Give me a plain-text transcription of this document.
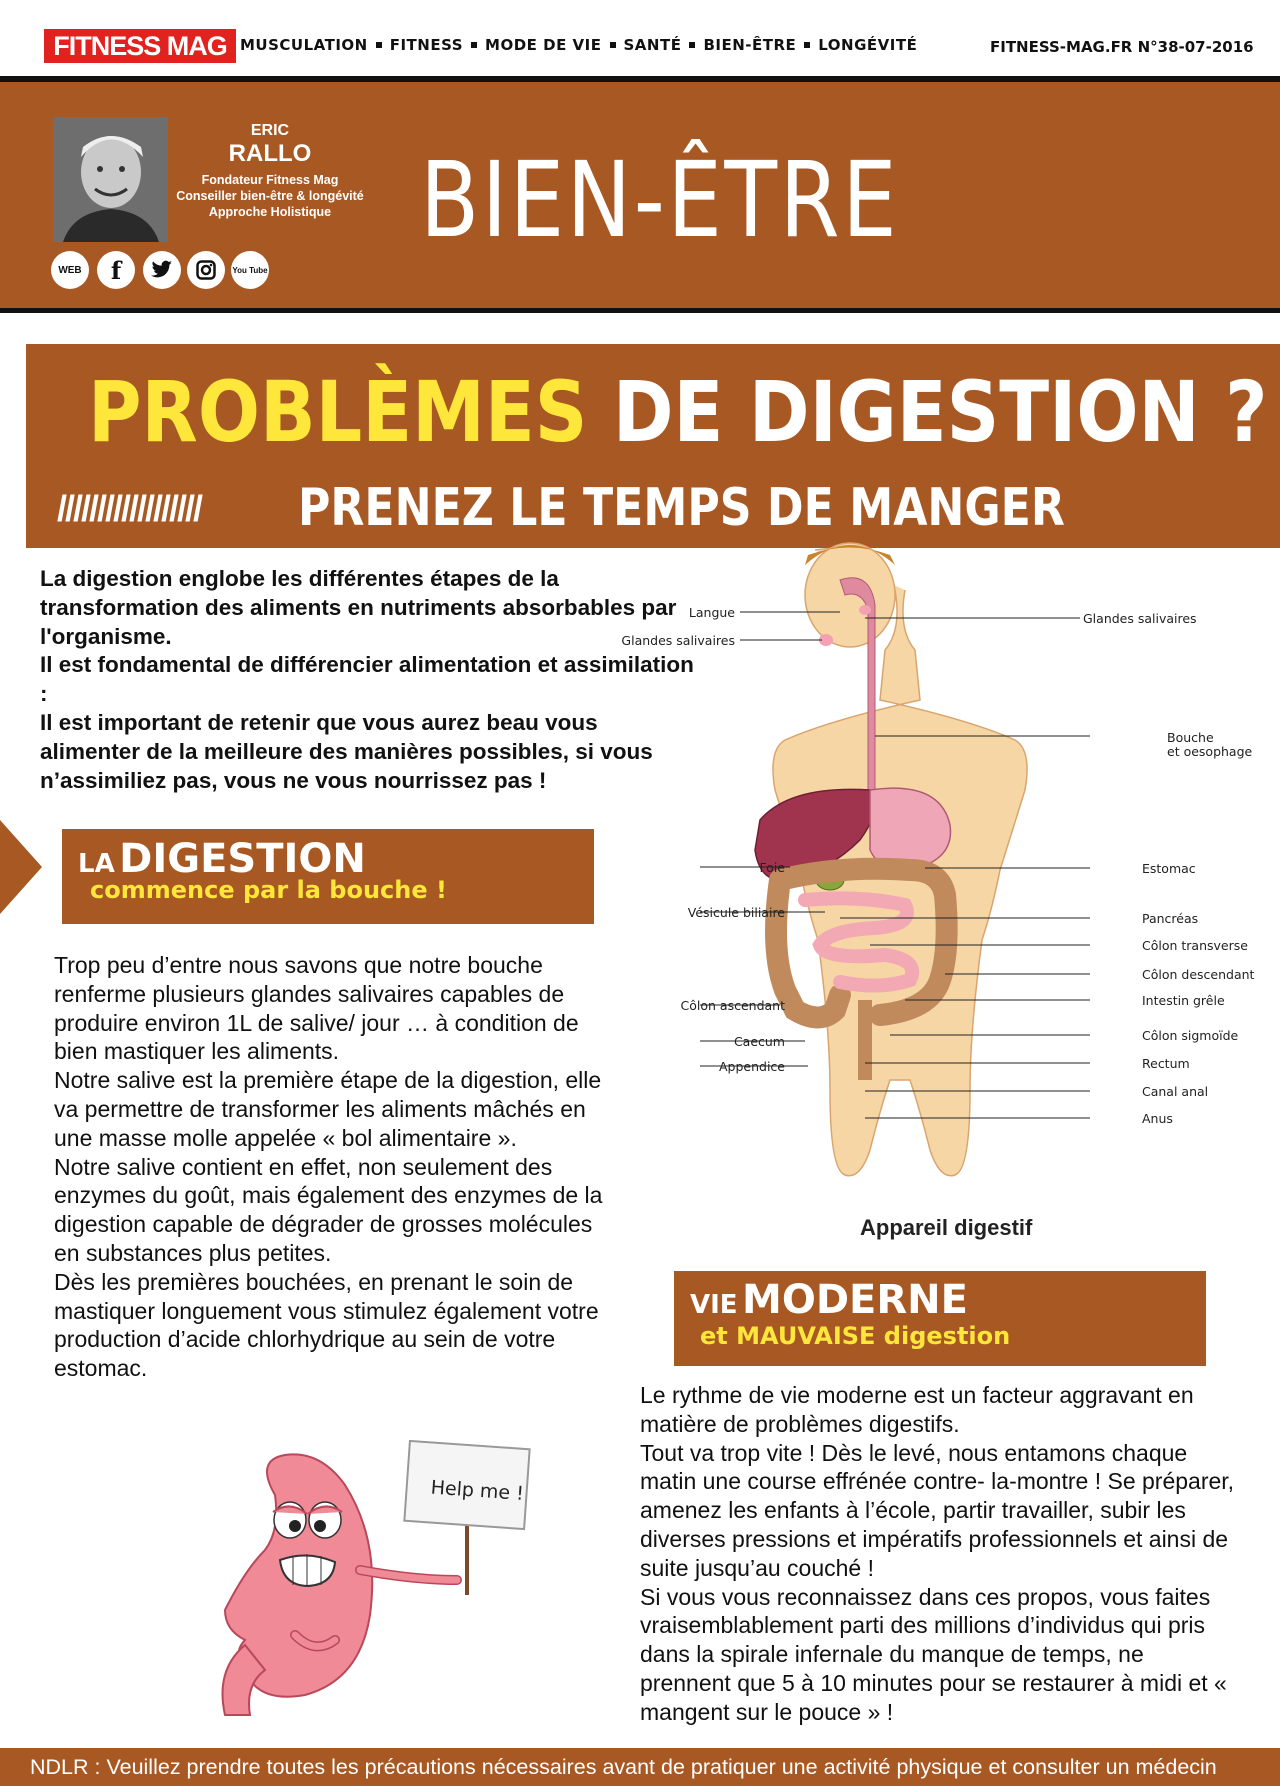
FITNESS MAG MUSCULATION FITNESS MODE DE VIE SANTÉ BIEN-ÊTRE LONGÉVITÉ	FITNESS-MAG.FR N°38-07-2016
ERIC
RALLO
Fondateur Fitness Mag
Conseiller bien-être & longévité
Approche Holistique
WEB	f	You Tube
BIEN-ÊTRE
PROBLÈMES DE DIGESTION ?
////////////////// PRENEZ LE TEMPS DE MANGER

La digestion englobe les différentes étapes de la transformation des aliments en nutriments absorbables par l'organisme.

Il est fondamental de différencier alimentation et assimilation :

Il est important de retenir que vous aurez beau vous alimenter de la meilleure des manières possibles, si vous n’assimiliez pas, vous ne vous nourrissez pas !

LA DIGESTION
commence par la bouche !

Trop peu d’entre nous savons que notre bouche renferme plusieurs glandes salivaires capables de produire environ 1L de salive/ jour … à condition de bien mastiquer les aliments.

Notre salive est la première étape de la digestion, elle va permettre de transformer les aliments mâchés en une masse molle appelée « bol alimentaire ».

Notre salive contient en effet, non seulement des enzymes du goût, mais également des enzymes de la digestion capable de dégrader de grosses molécules en substances plus petites.

Dès les premières bouchées, en prenant le soin de mastiquer longuement vous stimulez également votre production d’acide chlorhydrique au sein de votre estomac.

Help me !
Langue
Glandes salivaires
Foie
Vésicule biliaire
Côlon ascendant
Caecum
Appendice
Glandes salivaires
Bouche
et oesophage
Estomac
Pancréas
Côlon transverse
Côlon descendant
Intestin grêle
Côlon sigmoïde
Rectum
Canal anal
Anus
Appareil digestif
VIE MODERNE
et MAUVAISE digestion

Le rythme de vie moderne est un facteur aggravant en matière de problèmes digestifs.

Tout va trop vite ! Dès le levé, nous entamons chaque matin une course effrénée contre- la-montre ! Se préparer, amenez les enfants à l’école, partir travailler, subir les diverses pressions et impératifs professionnels et ainsi de suite jusqu’au couché !

Si vous vous reconnaissez dans ces propos, vous faites vraisemblablement parti des millions d’individus qui pris dans la spirale infernale du manque de temps, ne prennent que 5 à 10 minutes pour se restaurer à midi et « mangent sur le pouce » !

NDLR : Veuillez prendre toutes les précautions nécessaires avant de pratiquer une activité physique et consulter un médecin
